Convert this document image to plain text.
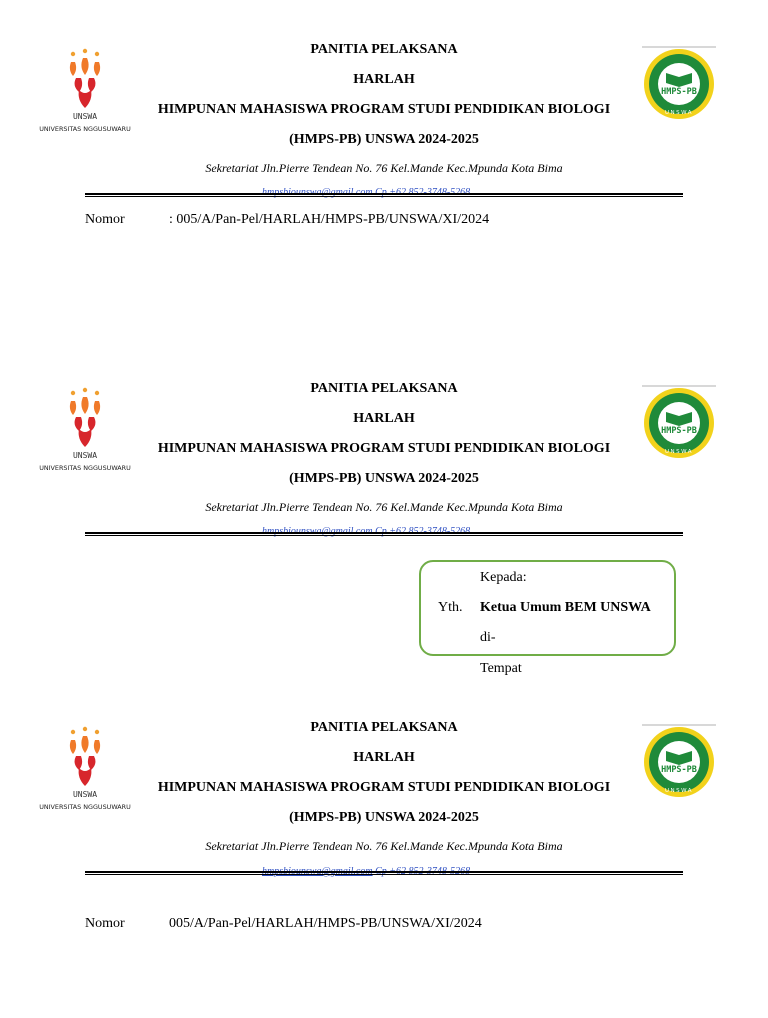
UNSWA
UNIVERSITAS NGGUSUWARU
PANITIA PELAKSANA
HARLAH
HIMPUNAN MAHASISWA PROGRAM STUDI PENDIDIKAN BIOLOGI
(HMPS-PB) UNSWA 2024-2025
Sekretariat Jln.Pierre Tendean No. 76 Kel.Mande Kec.Mpunda Kota Bima
HMPS-PB
UNSWA
Nomor	: 005/A/Pan-Pel/HARLAH/HMPS-PB/UNSWA/XI/2024
UNSWA
UNIVERSITAS NGGUSUWARU
PANITIA PELAKSANA
HARLAH
HIMPUNAN MAHASISWA PROGRAM STUDI PENDIDIKAN BIOLOGI
(HMPS-PB) UNSWA 2024-2025
Sekretariat Jln.Pierre Tendean No. 76 Kel.Mande Kec.Mpunda Kota Bima
HMPS-PB
UNSWA
Kepada:
Yth. Ketua Umum BEM UNSWA
di-
Tempat
UNSWA
UNIVERSITAS NGGUSUWARU
PANITIA PELAKSANA
HARLAH
HIMPUNAN MAHASISWA PROGRAM STUDI PENDIDIKAN BIOLOGI
(HMPS-PB) UNSWA 2024-2025
Sekretariat Jln.Pierre Tendean No. 76 Kel.Mande Kec.Mpunda Kota Bima
HMPS-PB
UNSWA
Nomor	005/A/Pan-Pel/HARLAH/HMPS-PB/UNSWA/XI/2024
